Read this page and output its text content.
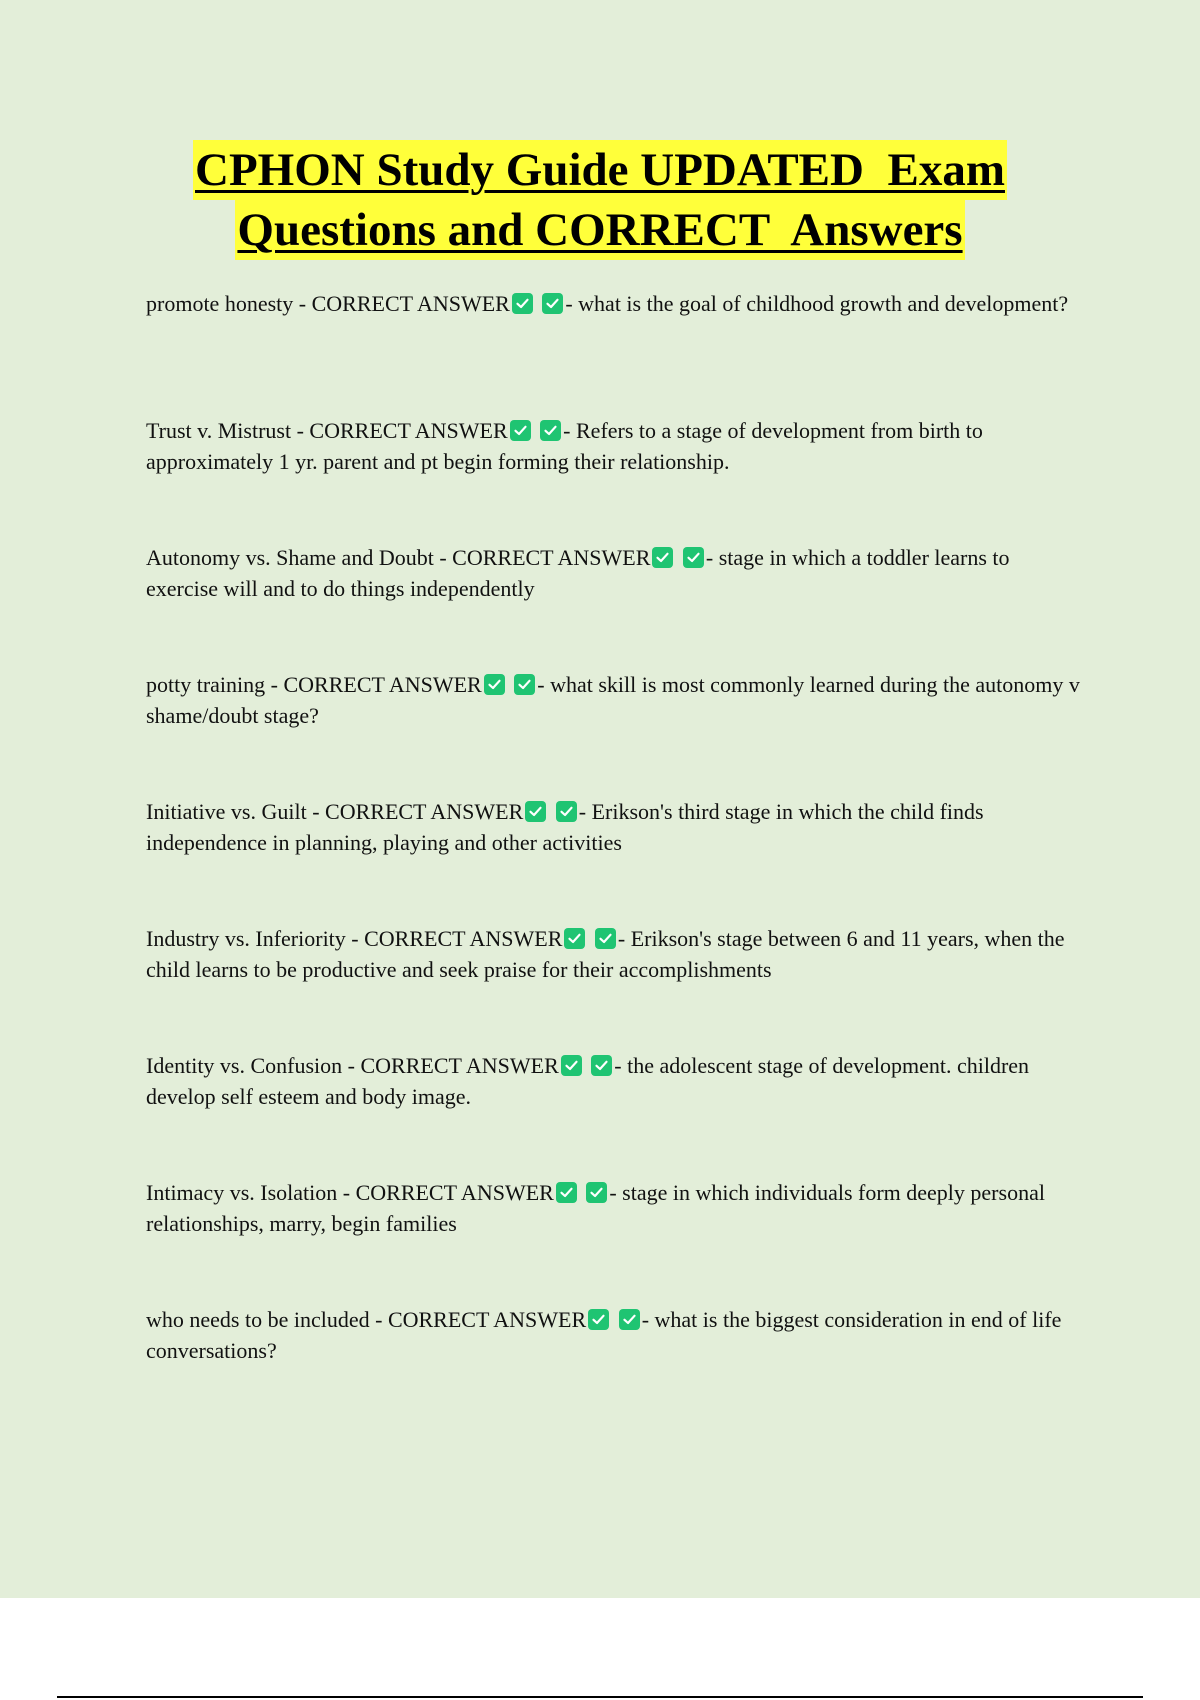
CPHON Study Guide UPDATED  Exam
Questions and CORRECT  Answers
promote honesty - CORRECT ANSWER
	- what is the goal of childhood growth and development?
Trust v. Mistrust - CORRECT ANSWER
	- Refers to a stage of development from birth to approximately 1 yr. parent and pt begin forming their relationship.
Autonomy vs. Shame and Doubt - CORRECT ANSWER
	- stage in which a toddler learns to exercise will and to do things independently
potty training - CORRECT ANSWER
	- what skill is most commonly learned during the autonomy v shame/doubt stage?
Initiative vs. Guilt - CORRECT ANSWER
	- Erikson's third stage in which the child finds independence in planning, playing and other activities
Industry vs. Inferiority - CORRECT ANSWER
	- Erikson's stage between 6 and 11 years, when the child learns to be productive and seek praise for their accomplishments
Identity vs. Confusion - CORRECT ANSWER
	- the adolescent stage of development. children develop self esteem and body image.
Intimacy vs. Isolation - CORRECT ANSWER
	- stage in which individuals form deeply personal relationships, marry, begin families
who needs to be included - CORRECT ANSWER
	- what is the biggest consideration in end of life conversations?
